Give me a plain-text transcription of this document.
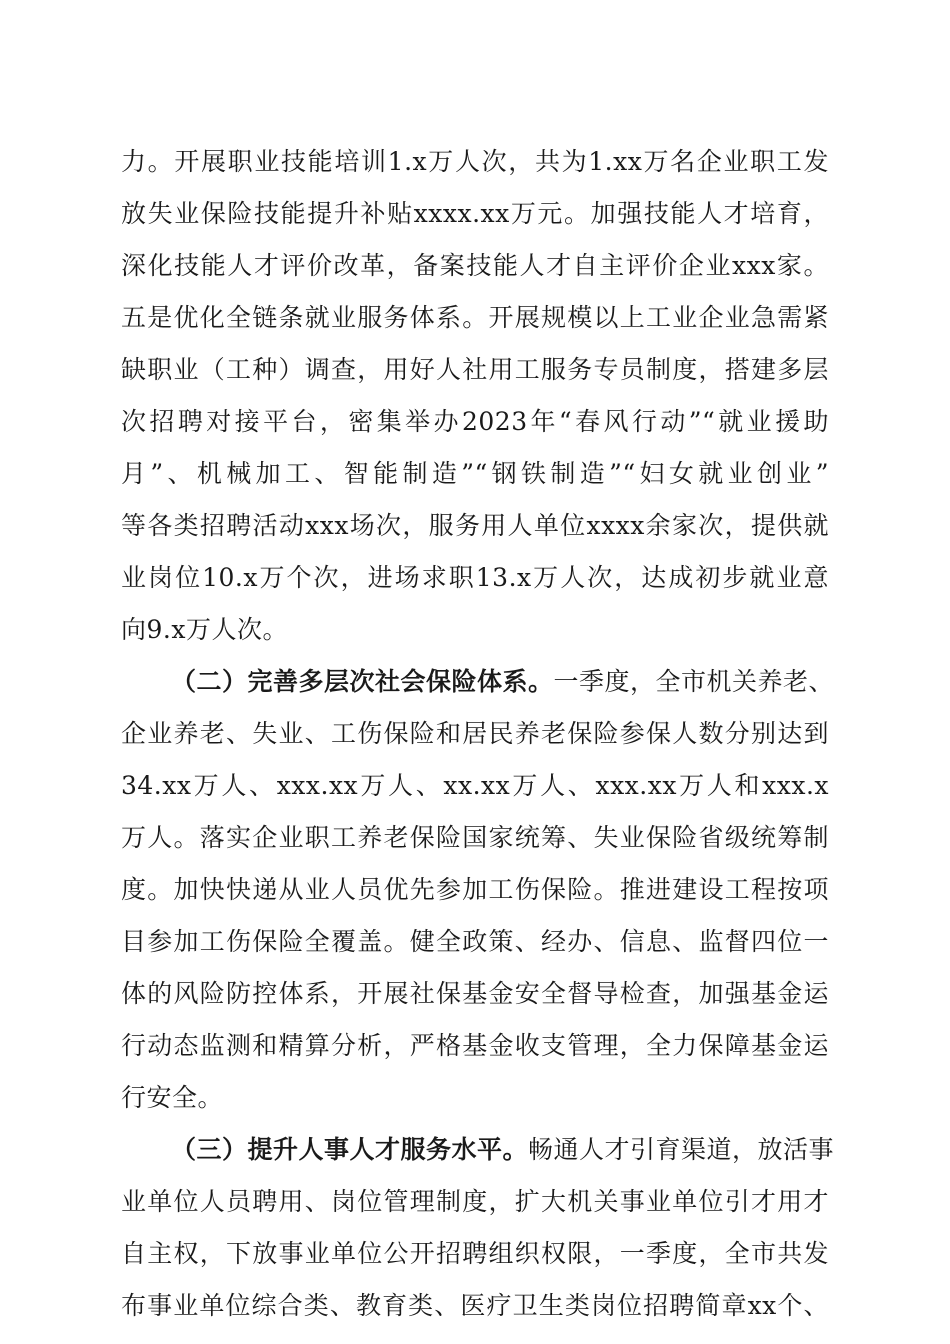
力。开展职业技能培训1.x万人次，共为1.xx万名企业职工发
放失业保险技能提升补贴xxxx.xx万元。加强技能人才培育，
深化技能人才评价改革，备案技能人才自主评价企业xxx家。
五是优化全链条就业服务体系。开展规模以上工业企业急需紧
缺职业（工种）调查，用好人社用工服务专员制度，搭建多层
次招聘对接平台，密集举办2023年“春风行动”“就业援助
月”、机械加工、智能制造”“钢铁制造”“妇女就业创业”
等各类招聘活动xxx场次，服务用人单位xxxx余家次，提供就
业岗位10.x万个次，进场求职13.x万人次，达成初步就业意
向9.x万人次。
（二）完善多层次社会保险体系。一季度，全市机关养老、
企业养老、失业、工伤保险和居民养老保险参保人数分别达到
34.xx万人、xxx.xx万人、xx.xx万人、xxx.xx万人和xxx.x
万人。落实企业职工养老保险国家统筹、失业保险省级统筹制
度。加快快递从业人员优先参加工伤保险。推进建设工程按项
目参加工伤保险全覆盖。健全政策、经办、信息、监督四位一
体的风险防控体系，开展社保基金安全督导检查，加强基金运
行动态监测和精算分析，严格基金收支管理，全力保障基金运
行安全。
（三）提升人事人才服务水平。畅通人才引育渠道，放活事
业单位人员聘用、岗位管理制度，扩大机关事业单位引才用才
自主权，下放事业单位公开招聘组织权限，一季度，全市共发
布事业单位综合类、教育类、医疗卫生类岗位招聘简章xx个、
